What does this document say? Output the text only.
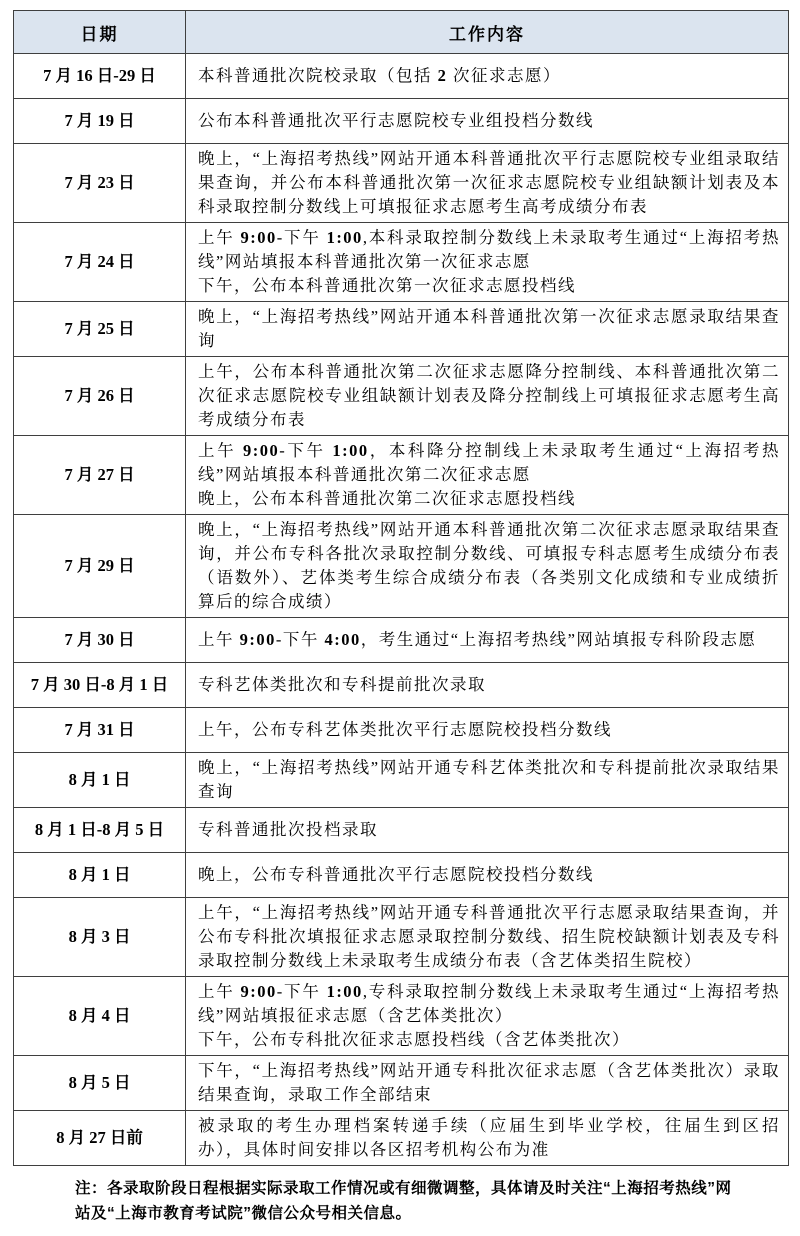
日期	工作内容
7 月 16 日-29 日	本科普通批次院校录取（包括 2 次征求志愿）

7 月 19 日	公布本科普通批次平行志愿院校专业组投档分数线

7 月 23 日	晚上，“上海招考热线”网站开通本科普通批次平行志愿院校专业组录取结果查询，并公布本科普通批次第一次征求志愿院校专业组缺额计划表及本科录取控制分数线上可填报征求志愿考生高考成绩分布表

7 月 24 日	上午 9:00-下午 1:00,本科录取控制分数线上未录取考生通过“上海招考热线”网站填报本科普通批次第一次征求志愿
下午，公布本科普通批次第一次征求志愿投档线

7 月 25 日	晚上，“上海招考热线”网站开通本科普通批次第一次征求志愿录取结果查询

7 月 26 日	上午，公布本科普通批次第二次征求志愿降分控制线、本科普通批次第二次征求志愿院校专业组缺额计划表及降分控制线上可填报征求志愿考生高考成绩分布表

7 月 27 日	上午 9:00-下午 1:00，本科降分控制线上未录取考生通过“上海招考热线”网站填报本科普通批次第二次征求志愿
晚上，公布本科普通批次第二次征求志愿投档线

7 月 29 日	晚上，“上海招考热线”网站开通本科普通批次第二次征求志愿录取结果查询，并公布专科各批次录取控制分数线、可填报专科志愿考生成绩分布表（语数外）、艺体类考生综合成绩分布表（各类别文化成绩和专业成绩折算后的综合成绩）

7 月 30 日	上午 9:00-下午 4:00，考生通过“上海招考热线”网站填报专科阶段志愿

7 月 30 日-8 月 1 日	专科艺体类批次和专科提前批次录取

7 月 31 日	上午，公布专科艺体类批次平行志愿院校投档分数线

8 月 1 日	晚上，“上海招考热线”网站开通专科艺体类批次和专科提前批次录取结果查询

8 月 1 日-8 月 5 日	专科普通批次投档录取

8 月 1 日	晚上，公布专科普通批次平行志愿院校投档分数线

8 月 3 日	上午，“上海招考热线”网站开通专科普通批次平行志愿录取结果查询，并公布专科批次填报征求志愿录取控制分数线、招生院校缺额计划表及专科录取控制分数线上未录取考生成绩分布表（含艺体类招生院校）

8 月 4 日	上午 9:00-下午 1:00,专科录取控制分数线上未录取考生通过“上海招考热线”网站填报征求志愿（含艺体类批次）
下午，公布专科批次征求志愿投档线（含艺体类批次）

8 月 5 日	下午，“上海招考热线”网站开通专科批次征求志愿（含艺体类批次）录取结果查询，录取工作全部结束

8 月 27 日前	被录取的考生办理档案转递手续（应届生到毕业学校，往届生到区招办），具体时间安排以各区招考机构公布为准

注：各录取阶段日程根据实际录取工作情况或有细微调整，具体请及时关注“上海招考热线”网站及“上海市教育考试院”微信公众号相关信息。
